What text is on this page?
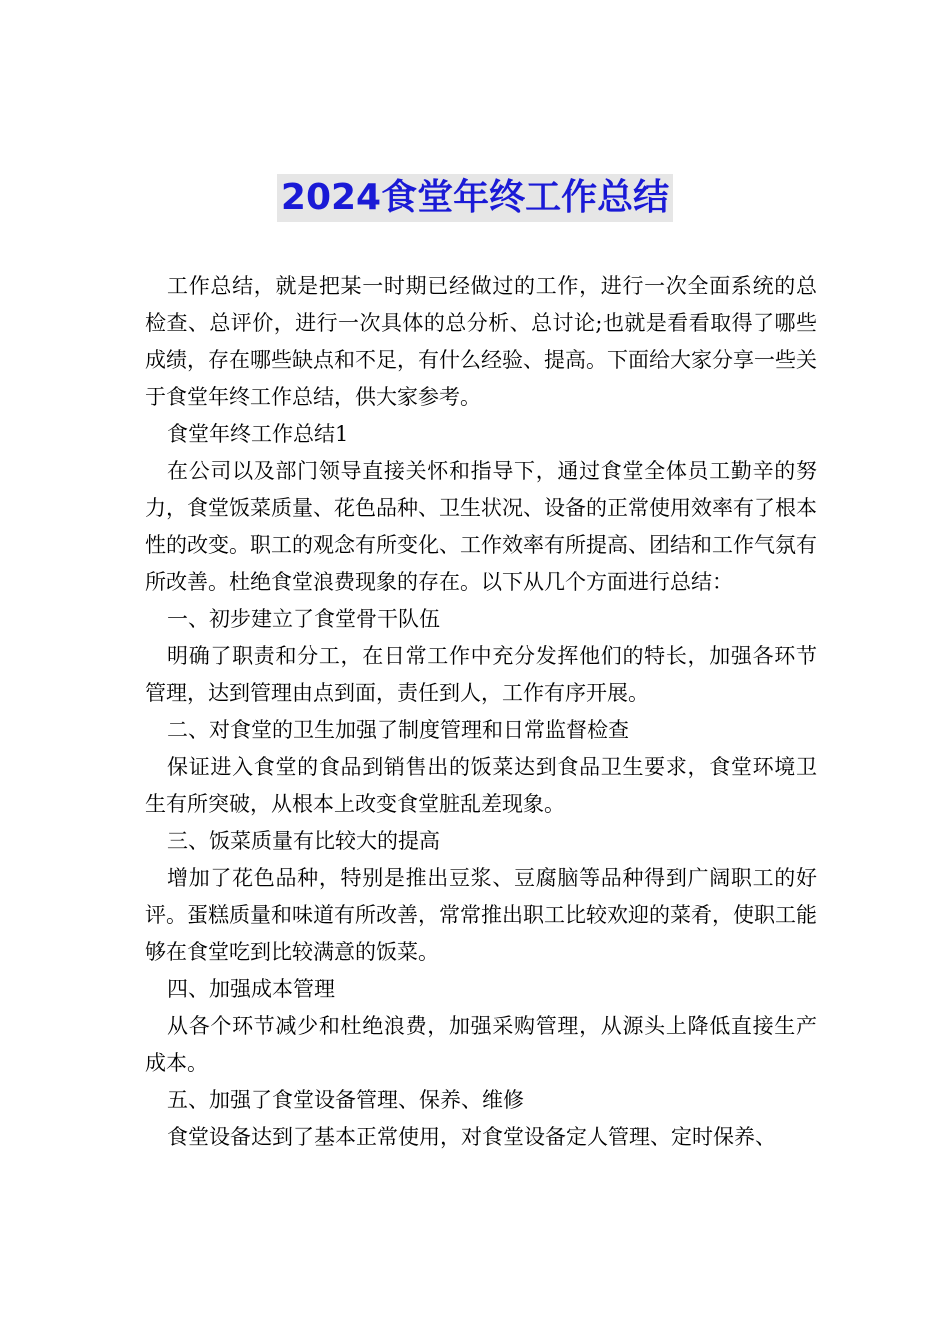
2024食堂年终工作总结

工作总结，就是把某一时期已经做过的工作，进行一次全面系统的总检查、总评价，进行一次具体的总分析、总讨论;也就是看看取得了哪些成绩，存在哪些缺点和不足，有什么经验、提高。下面给大家分享一些关于食堂年终工作总结，供大家参考。

食堂年终工作总结1

在公司以及部门领导直接关怀和指导下，通过食堂全体员工勤辛的努力，食堂饭菜质量、花色品种、卫生状况、设备的正常使用效率有了根本性的改变。职工的观念有所变化、工作效率有所提高、团结和工作气氛有所改善。杜绝食堂浪费现象的存在。以下从几个方面进行总结：

一、初步建立了食堂骨干队伍

明确了职责和分工，在日常工作中充分发挥他们的特长，加强各环节管理，达到管理由点到面，责任到人，工作有序开展。

二、对食堂的卫生加强了制度管理和日常监督检查

保证进入食堂的食品到销售出的饭菜达到食品卫生要求，食堂环境卫生有所突破，从根本上改变食堂脏乱差现象。

三、饭菜质量有比较大的提高

增加了花色品种，特别是推出豆浆、豆腐脑等品种得到广阔职工的好评。蛋糕质量和味道有所改善，常常推出职工比较欢迎的菜肴，使职工能够在食堂吃到比较满意的饭菜。

四、加强成本管理

从各个环节减少和杜绝浪费，加强采购管理，从源头上降低直接生产成本。

五、加强了食堂设备管理、保养、维修

食堂设备达到了基本正常使用，对食堂设备定人管理、定时保养、
